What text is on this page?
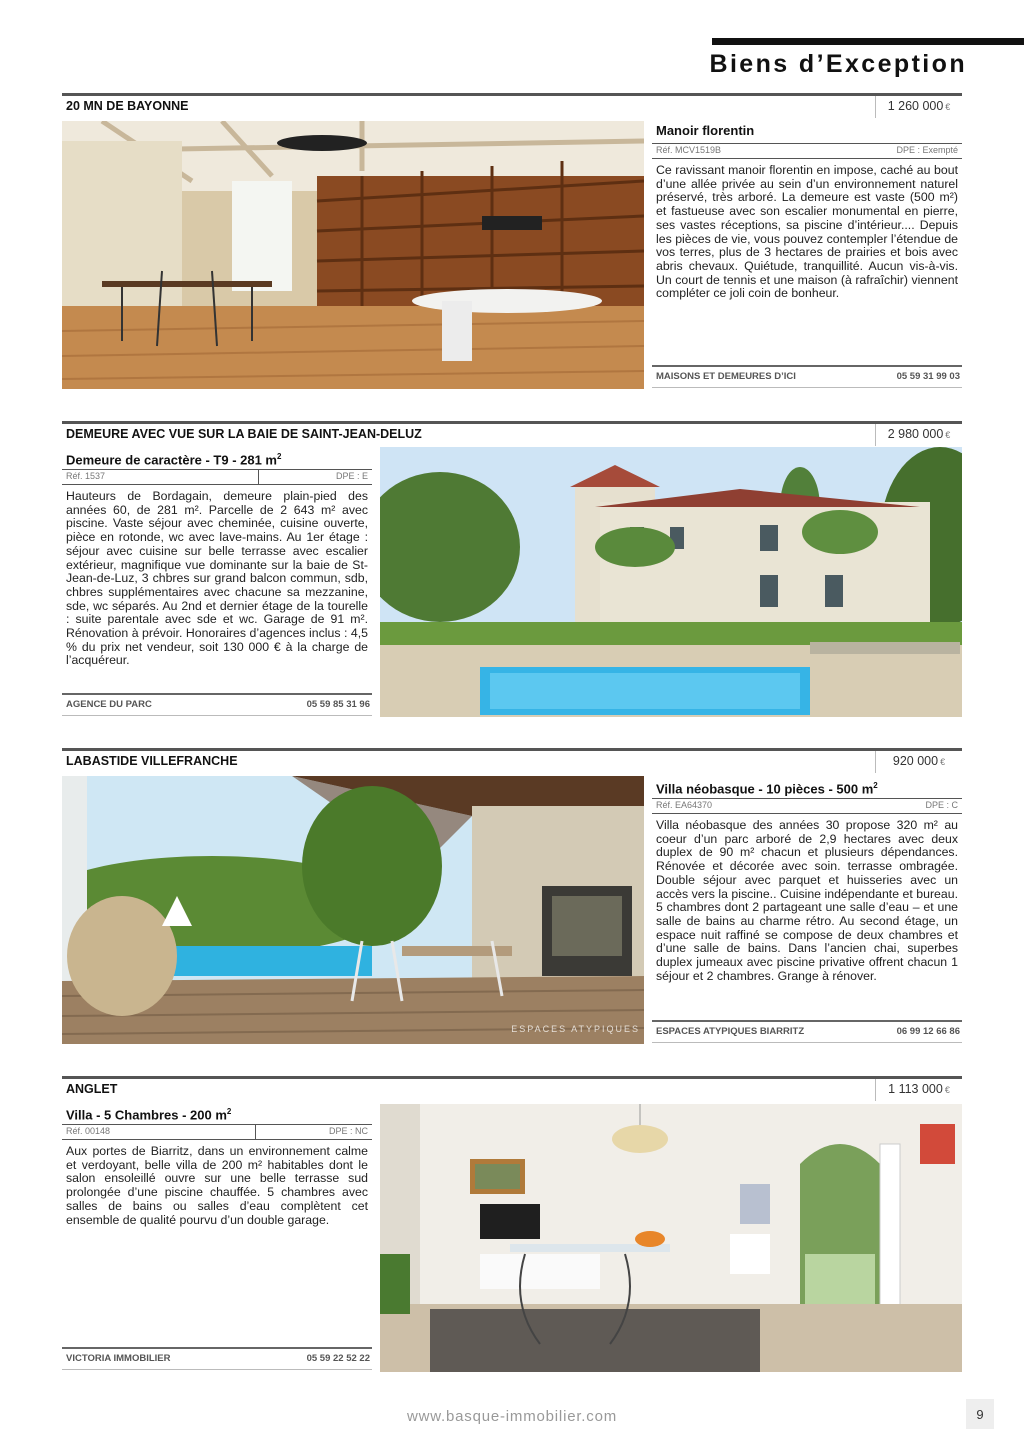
Biens d’Exception
20 MN DE BAYONNE	1 260 000 €
Manoir florentin
Réf. MCV1519B	DPE : Exempté
Ce ravissant manoir florentin en impose, caché au bout d’une allée privée au sein d’un environnement naturel préservé, très arboré. La demeure est vaste (500 m²) et fastueuse avec son escalier monumental en pierre, ses vastes réceptions, sa piscine d’intérieur.... Depuis les pièces de vie, vous pouvez contempler l’étendue de vos terres, plus de 3 hectares de prairies et bois avec abris chevaux. Quiétude, tranquillité. Aucun vis-à-vis. Un court de tennis et une maison (à rafraîchir) viennent compléter ce joli coin de bonheur.
MAISONS ET DEMEURES D’ICI	05 59 31 99 03
DEMEURE AVEC VUE SUR LA BAIE DE SAINT-JEAN-DELUZ	2 980 000 €
Demeure de caractère - T9 - 281 $m^2$
Réf. 1537	DPE : E
Hauteurs de Bordagain, demeure plain-pied des années 60, de 281 m². Parcelle de 2 643 m² avec piscine. Vaste séjour avec cheminée, cuisine ouverte, pièce en rotonde, wc avec lave-mains. Au 1er étage : séjour avec cuisine sur belle terrasse avec escalier extérieur, magnifique vue dominante sur la baie de St-Jean-de-Luz, 3 chbres sur grand balcon commun, sdb, chbres supplémentaires avec chacune sa mezzanine, sde, wc séparés. Au 2nd et dernier étage de la tourelle : suite parentale avec sde et wc. Garage de 91 m². Rénovation à prévoir. Honoraires d’agences inclus : 4,5 % du prix net vendeur, soit 130 000 € à la charge de l’acquéreur.
AGENCE DU PARC	05 59 85 31 96
LABASTIDE VILLEFRANCHE	920 000 €
ESPACES ATYPIQUES
Villa néobasque - 10 pièces - 500 $m^2$
Réf. EA64370	DPE : C
Villa néobasque des années 30 propose 320 m² au coeur d’un parc arboré de 2,9 hectares avec deux duplex de 90 m² chacun et plusieurs dépendances. Rénovée et décorée avec soin. terrasse ombragée. Double séjour avec parquet et huisseries avec un accès vers la piscine.. Cuisine indépendante et bureau. 5 chambres dont 2 partageant une salle d’eau – et une salle de bains au charme rétro. Au second étage, un espace nuit raffiné se compose de deux chambres et d’une salle de bains. Dans l’ancien chai, superbes duplex jumeaux avec piscine privative offrent chacun 1 séjour et 2 chambres. Grange à rénover.
ESPACES ATYPIQUES BIARRITZ	06 99 12 66 86
ANGLET	1 113 000 €
Villa - 5 Chambres - 200 $m^2$
Réf. 00148	DPE : NC
Aux portes de Biarritz, dans un environnement calme et verdoyant, belle villa de 200 m² habitables dont le salon ensoleillé ouvre sur une belle terrasse sud prolongée d’une piscine chauffée. 5 chambres avec salles de bains ou salles d’eau complètent cet ensemble de qualité pourvu d’un double garage.
VICTORIA IMMOBILIER	05 59 22 52 22
www.basque-immobilier.com	9
